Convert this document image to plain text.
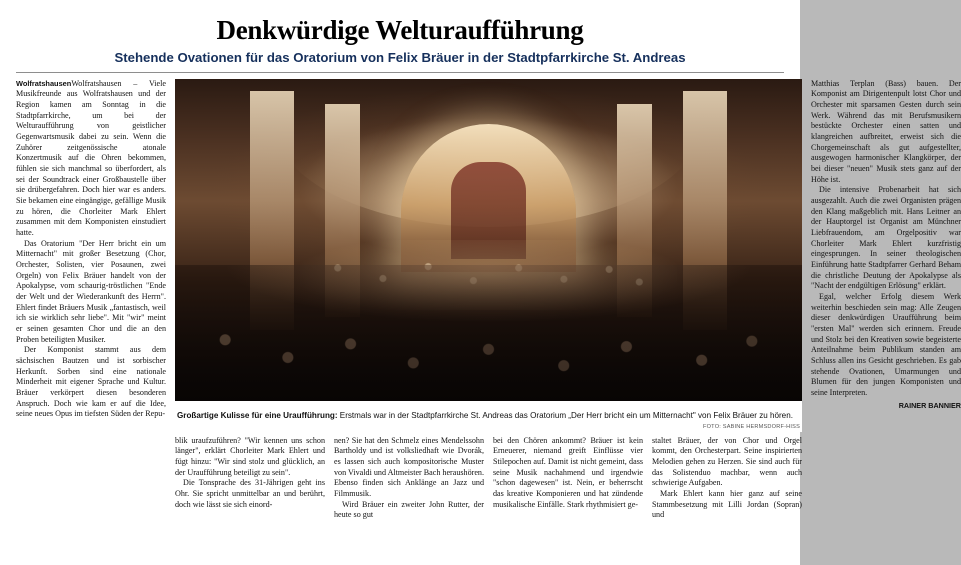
Denkwürdige Welturaufführung
Stehende Ovationen für das Oratorium von Felix Bräuer in der Stadtpfarrkirche St. Andreas

WolfratshausenWolfratshausen – Viele Musikfreunde aus Wolfratshausen und der Region kamen am Sonntag in die Stadtpfarrkirche, um bei der Welturaufführung von geistlicher Gegenwartsmusik dabei zu sein. Wenn die Zuhörer zeitgenössische atonale Konzertmusik auf die Ohren bekommen, fühlen sie sich manchmal so überfordert, als sei der Soundtrack einer Großbaustelle über sie drübergefahren. Doch hier war es anders. Sie bekamen eine eingängige, gefällige Musik zu hören, die Chorleiter Mark Ehlert zusammen mit dem Komponisten einstudiert hatte.

Das Oratorium "Der Herr bricht ein um Mitternacht" mit großer Besetzung (Chor, Orchester, Solisten, vier Posaunen, zwei Orgeln) von Felix Bräuer handelt von der Apokalypse, vom schaurig-tröstlichen "Ende der Welt und der Wiederankunft des Herrn". Ehlert findet Bräuers Musik „fantastisch, weil ich sie wirklich sehr liebe". Mit "wir" meint er seinen gesamten Chor und die an den Proben beteiligten Musiker.

Der Komponist stammt aus dem sächsischen Bautzen und ist sorbischer Herkunft. Sorben sind eine nationale Minderheit mit eigener Sprache und Kultur. Bräuer verkörpert diesen besonderen Anspruch. Doch wie kam er auf die Idee, seine neues Opus im tiefsten Süden der Repu- Großartige Kulisse für eine Uraufführung: Erstmals war in der Stadtpfarrkirche St. Andreas das Oratorium „Der Herr bricht ein um Mitternacht" von Felix Bräuer zu hören.
FOTO: SABINE HERMSDORF-HISS

blik uraufzuführen? "Wir kennen uns schon länger", erklärt Chorleiter Mark Ehlert und fügt hinzu: "Wir sind stolz und glücklich, an der Uraufführung beteiligt zu sein".

Die Tonsprache des 31-Jährigen geht ins Ohr. Sie spricht unmittelbar an und berührt, doch wie lässt sie sich einord-

nen? Sie hat den Schmelz eines Mendelssohn Bartholdy und ist volksliedhaft wie Dvorák, es lassen sich auch kompositorische Muster von Vivaldi und Altmeister Bach heraushören. Ebenso finden sich Anklänge an Jazz und Filmmusik.

Wird Bräuer ein zweiter John Rutter, der heute so gut

bei den Chören ankommt? Bräuer ist kein Erneuerer, niemand greift Einflüsse vier Stilepochen auf. Damit ist nicht gemeint, dass seine Musik nachahmend und irgendwie "schon dagewesen" ist. Nein, er beherrscht das kreative Komponieren und hat zündende musikalische Einfälle. Stark rhythmisiert ge-

staltet Bräuer, der von Chor und Orgel kommt, den Orchesterpart. Seine inspirierten Melodien gehen zu Herzen. Sie sind auch für das Solistenduo machbar, wenn auch schwierige Aufgaben.

Mark Ehlert kann hier ganz auf seine Stammbesetzung mit Lilli Jordan (Sopran) und

Matthias Terplan (Bass) bauen. Der Komponist am Dirigentenpult lotst Chor und Orchester mit sparsamen Gesten durch sein Werk. Während das mit Berufsmusikern bestückte Orchester einen satten und klangreichen aufbreitet, erweist sich die Chorgemeinschaft als gut aufgestellter, ausgewogen harmonischer Klangkörper, der bei dieser "neuen" Musik stets ganz auf der Höhe ist.

Die intensive Probenarbeit hat sich ausgezahlt. Auch die zwei Organisten prägen den Klang maßgeblich mit. Hans Leitner an der Hauptorgel ist Organist am Münchner Liebfrauendom, am Orgelpositiv war Chorleiter Mark Ehlert kurzfristig eingesprungen. In seiner theologischen Einführung hatte Stadtpfarrer Gerhard Beham die christliche Deutung der Apokalypse als "Nacht der endgültigen Erlösung" erklärt.

Egal, welcher Erfolg diesem Werk weiterhin beschieden sein mag: Alle Zeugen dieser denkwürdigen Uraufführung beim "ersten Mal" werden sich erinnern. Freude und Stolz bei den Kreativen sowie begeisterte Anteilnahme beim Publikum standen am Schluss allen ins Gesicht geschrieben. Es gab stehende Ovationen, Umarmungen und Blumen für den jungen Komponisten und seine Interpreten.

RAINER BANNIER
